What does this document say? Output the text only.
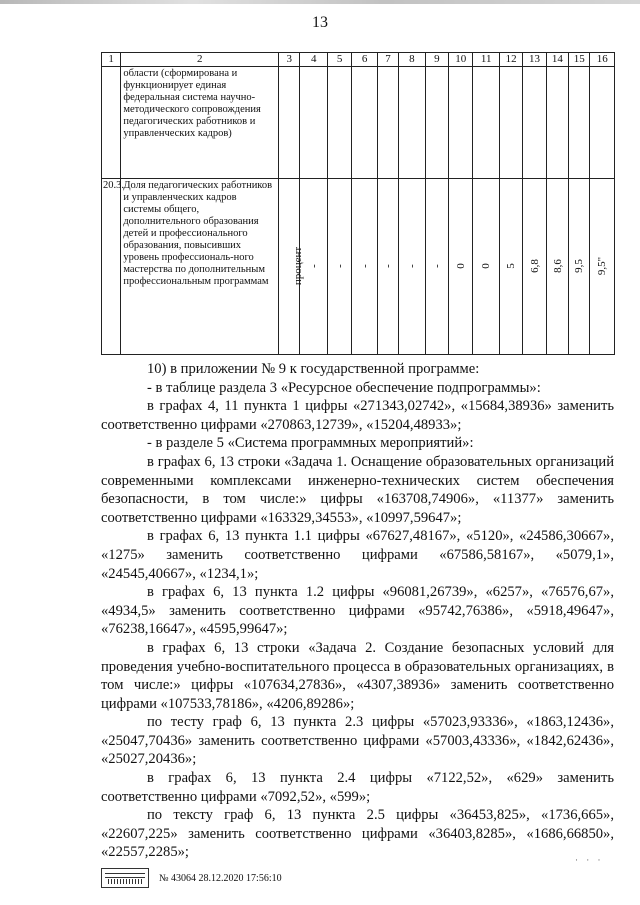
13
1	2	3	4	5	6	7	8	9	10	11	12	13	14	15	16
	области (сформирована и функционирует единая федеральная система научно-методического сопровождения педагогических работников и управленческих кадров)														
20.3.	Доля педагогических работников и управленческих кадров системы общего, дополнительного образования детей и профессионального образования, повысивших уровень профессиональ-ного мастерства по дополнительным профессиональным программам	процент	-	-	-	-	-	-	0	0	5	6,8	8,6	9,5	9,5"

10) в приложении № 9 к государственной программе:

- в таблице раздела 3 «Ресурсное обеспечение подпрограммы»:

в графах 4, 11 пункта 1 цифры «271343,02742», «15684,38936» заменить соответственно цифрами «270863,12739», «15204,48933»;

- в разделе 5 «Система программных мероприятий»:

в графах 6, 13 строки «Задача 1. Оснащение образовательных организаций современными комплексами инженерно-технических систем обеспечения безопасности, в том числе:» цифры «163708,74906», «11377» заменить соответственно цифрами «163329,34553», «10997,59647»;

в графах 6, 13 пункта 1.1 цифры «67627,48167», «5120», «24586,30667», «1275» заменить соответственно цифрами «67586,58167», «5079,1», «24545,40667», «1234,1»;

в графах 6, 13 пункта 1.2 цифры «96081,26739», «6257», «76576,67», «4934,5» заменить соответственно цифрами «95742,76386», «5918,49647», «76238,16647», «4595,99647»;

в графах 6, 13 строки «Задача 2. Создание безопасных условий для проведения учебно-воспитательного процесса в образовательных организациях, в том числе:» цифры «107634,27836», «4307,38936» заменить соответственно цифрами «107533,78186», «4206,89286»;

по тесту граф 6, 13 пункта 2.3 цифры «57023,93336», «1863,12436», «25047,70436» заменить соответственно цифрами «57003,43336», «1842,62436», «25027,20436»;

в графах 6, 13 пункта 2.4 цифры «7122,52», «629» заменить соответственно цифрами «7092,52», «599»;

по тексту граф 6, 13 пункта 2.5 цифры «36453,825», «1736,665», «22607,225» заменить соответственно цифрами «36403,8285», «1686,66850», «22557,2285»;	· · ·
№ 43064 28.12.2020 17:56:10
